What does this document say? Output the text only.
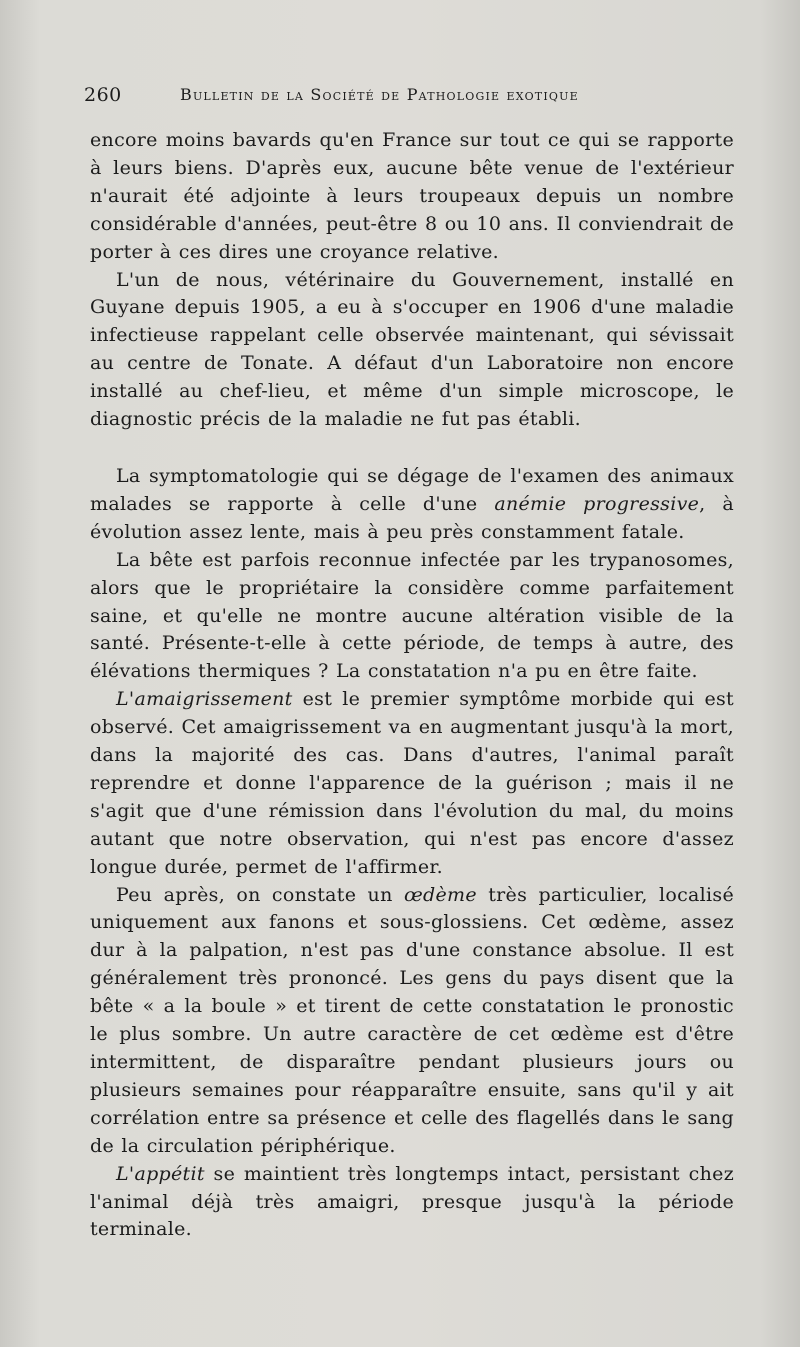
260	Bulletin de la Société de Pathologie exotique

encore moins bavards qu'en France sur tout ce qui se rapporte à leurs biens. D'après eux, aucune bête venue de l'extérieur n'aurait été adjointe à leurs troupeaux depuis un nombre considérable d'années, peut-être 8 ou 10 ans. Il conviendrait de porter à ces dires une croyance relative.

L'un de nous, vétérinaire du Gouvernement, installé en Guyane depuis 1905, a eu à s'occuper en 1906 d'une maladie infectieuse rappelant celle observée maintenant, qui sévissait au centre de Tonate. A défaut d'un Laboratoire non encore installé au chef-lieu, et même d'un simple microscope, le diagnostic précis de la maladie ne fut pas établi.

La symptomatologie qui se dégage de l'examen des animaux malades se rapporte à celle d'une anémie progressive, à évolution assez lente, mais à peu près constamment fatale.

La bête est parfois reconnue infectée par les trypanosomes, alors que le propriétaire la considère comme parfaitement saine, et qu'elle ne montre aucune altération visible de la santé. Présente-t-elle à cette période, de temps à autre, des élévations thermiques ? La constatation n'a pu en être faite.

L'amaigrissement est le premier symptôme morbide qui est observé. Cet amaigrissement va en augmentant jusqu'à la mort, dans la majorité des cas. Dans d'autres, l'animal paraît reprendre et donne l'apparence de la guérison ; mais il ne s'agit que d'une rémission dans l'évolution du mal, du moins autant que notre observation, qui n'est pas encore d'assez longue durée, permet de l'affirmer.

Peu après, on constate un œdème très particulier, localisé uniquement aux fanons et sous-glossiens. Cet œdème, assez dur à la palpation, n'est pas d'une constance absolue. Il est généralement très prononcé. Les gens du pays disent que la bête « a la boule » et tirent de cette constatation le pronostic le plus sombre. Un autre caractère de cet œdème est d'être intermittent, de disparaître pendant plusieurs jours ou plusieurs semaines pour réapparaître ensuite, sans qu'il y ait corrélation entre sa présence et celle des flagellés dans le sang de la circulation périphérique.

L'appétit se maintient très longtemps intact, persistant chez l'animal déjà très amaigri, presque jusqu'à la période terminale.
